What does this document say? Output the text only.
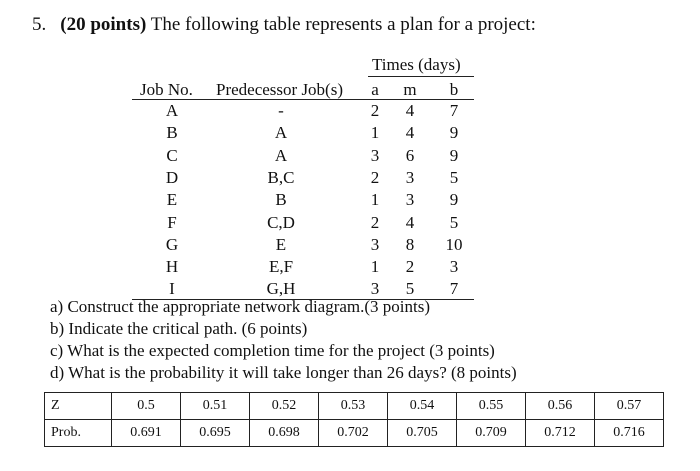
5. (20 points) The following table represents a plan for a project:
Times (days)
Job No. Predecessor Job(s) a m b
A	-	2	4	7
B	A	1	4	9
C	A	3	6	9
D	B,C	2	3	5
E	B	1	3	9
F	C,D	2	4	5
G	E	3	8	10
H	E,F	1	2	3
I	G,H	3	5	7
a) Construct the appropriate network diagram.(3 points)
b) Indicate the critical path. (6 points)
c) What is the expected completion time for the project (3 points)
d) What is the probability it will take longer than 26 days? (8 points)
Z	0.5	0.51	0.52	0.53	0.54	0.55	0.56	0.57
Prob.	0.691	0.695	0.698	0.702	0.705	0.709	0.712	0.716
